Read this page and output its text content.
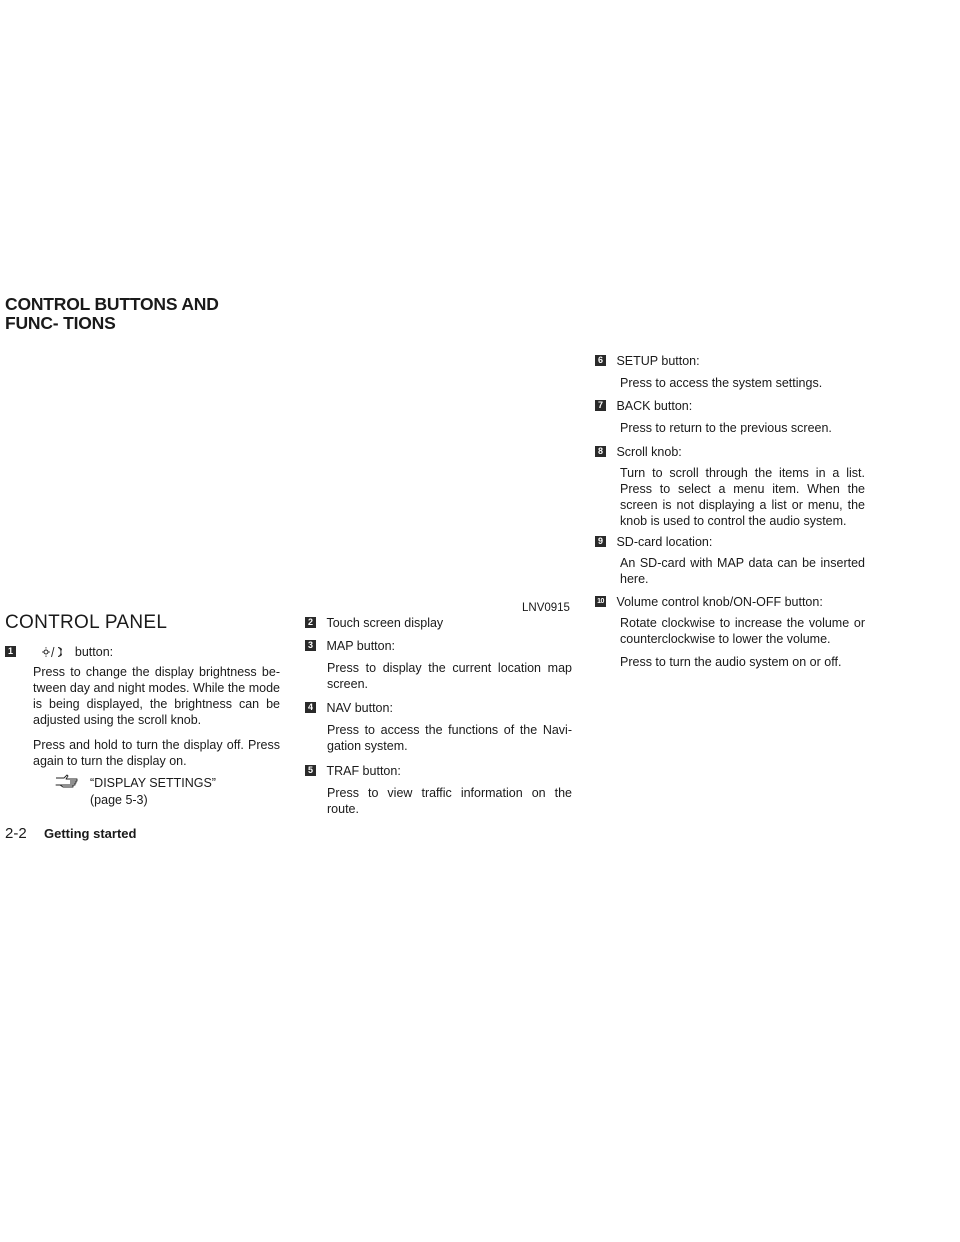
CONTROL BUTTONS AND FUNC- TIONS
LNV0915
CONTROL PANEL
1	button:
Press to change the display brightness be- tween day and night modes. While the mode is being displayed, the brightness can be adjusted using the scroll knob.
Press and hold to turn the display off. Press again to turn the display on.
“DISPLAY SETTINGS”
(page 5-3)
2 Touch screen display
3 MAP button:
Press to display the current location map screen.
4 NAV button:
Press to access the functions of the Navi- gation system.
5 TRAF button:
Press to view traffic information on the route.
6 SETUP button:
Press to access the system settings.
7 BACK button:
Press to return to the previous screen.
8 Scroll knob:
Turn to scroll through the items in a list. Press to select a menu item. When the screen is not displaying a list or menu, the knob is used to control the audio system.
9 SD-card location:
An SD-card with MAP data can be inserted here.
10 Volume control knob/ON-OFF button:
Rotate clockwise to increase the volume or counterclockwise to lower the volume.
Press to turn the audio system on or off.
2-2 Getting started
